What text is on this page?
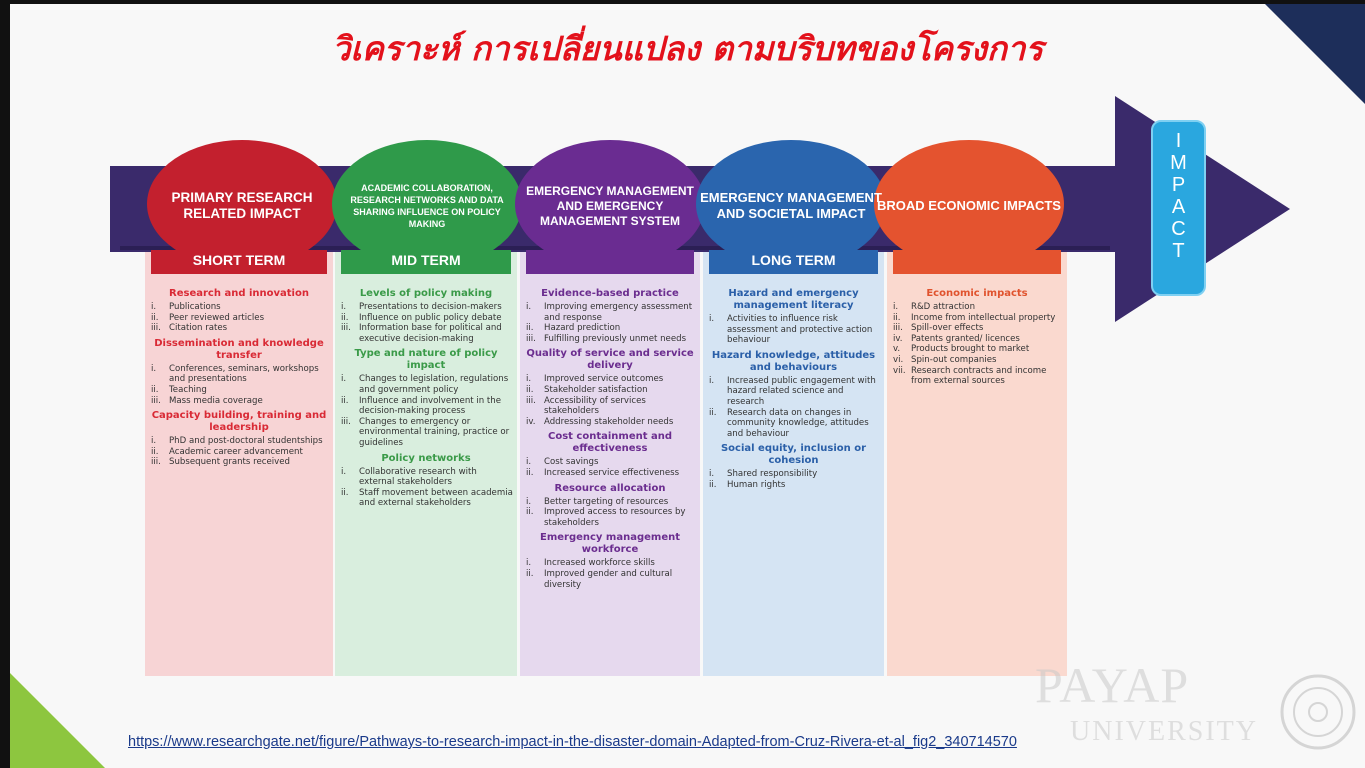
วิเคราะห์ การเปลี่ยนแปลง ตามบริบทของโครงการ
I
M
P
A
C
T
PRIMARY RESEARCH RELATED IMPACT
ACADEMIC COLLABORATION, RESEARCH NETWORKS AND DATA SHARING INFLUENCE ON POLICY MAKING
EMERGENCY MANAGEMENT AND EMERGENCY MANAGEMENT SYSTEM
EMERGENCY MANAGEMENT AND SOCIETAL IMPACT
BROAD ECONOMIC IMPACTS
SHORT TERM	MID TERM	LONG TERM
Research and innovation
i.	Publications
ii.	Peer reviewed articles
iii. Citation rates
Dissemination and knowledge transfer
i.	Conferences, seminars, workshops and presentations
ii.	Teaching
iii. Mass media coverage
Capacity building, training and leadership
i.	PhD and post-doctoral studentships
ii.	Academic career advancement
iii. Subsequent grants received
Levels of policy making
i.	Presentations to decision-makers
ii.	Influence on public policy debate
iii. Information base for political and executive decision-making
Type and nature of policy impact
i.	Changes to legislation, regulations and government policy
ii.	Influence and involvement in the decision-making process
iii. Changes to emergency or environmental training, practice or guidelines
Policy networks
i.	Collaborative research with external stakeholders
ii.	Staff movement between academia and external stakeholders
Evidence-based practice
i.	Improving emergency assessment and response
ii.	Hazard prediction
iii. Fulfilling previously unmet needs
Quality of service and service delivery
i.	Improved service outcomes
ii.	Stakeholder satisfaction
iii. Accessibility of services stakeholders
iv. Addressing stakeholder needs
Cost containment and effectiveness
i.	Cost savings
ii.	Increased service effectiveness
Resource allocation
i.	Better targeting of resources
ii.	Improved access to resources by stakeholders
Emergency management workforce
i.	Increased workforce skills
ii.	Improved gender and cultural diversity
Hazard and emergency management literacy
i.	Activities to influence risk assessment and protective action behaviour
Hazard knowledge, attitudes and behaviours
i.	Increased public engagement with hazard related science and research
ii.	Research data on changes in community knowledge, attitudes and behaviour
Social equity, inclusion or cohesion
i.	Shared responsibility
ii.	Human rights
Economic impacts
i.	R&D attraction
ii.	Income from intellectual property
iii. Spill-over effects
iv. Patents granted/ licences
v.	Products brought to market
vi. Spin-out companies
vii. Research contracts and income from external sources
https://www.researchgate.net/figure/Pathways-to-research-impact-in-the-disaster-domain-Adapted-from-Cruz-Rivera-et-al_fig2_340714570
PAYAP
UNIVERSITY
